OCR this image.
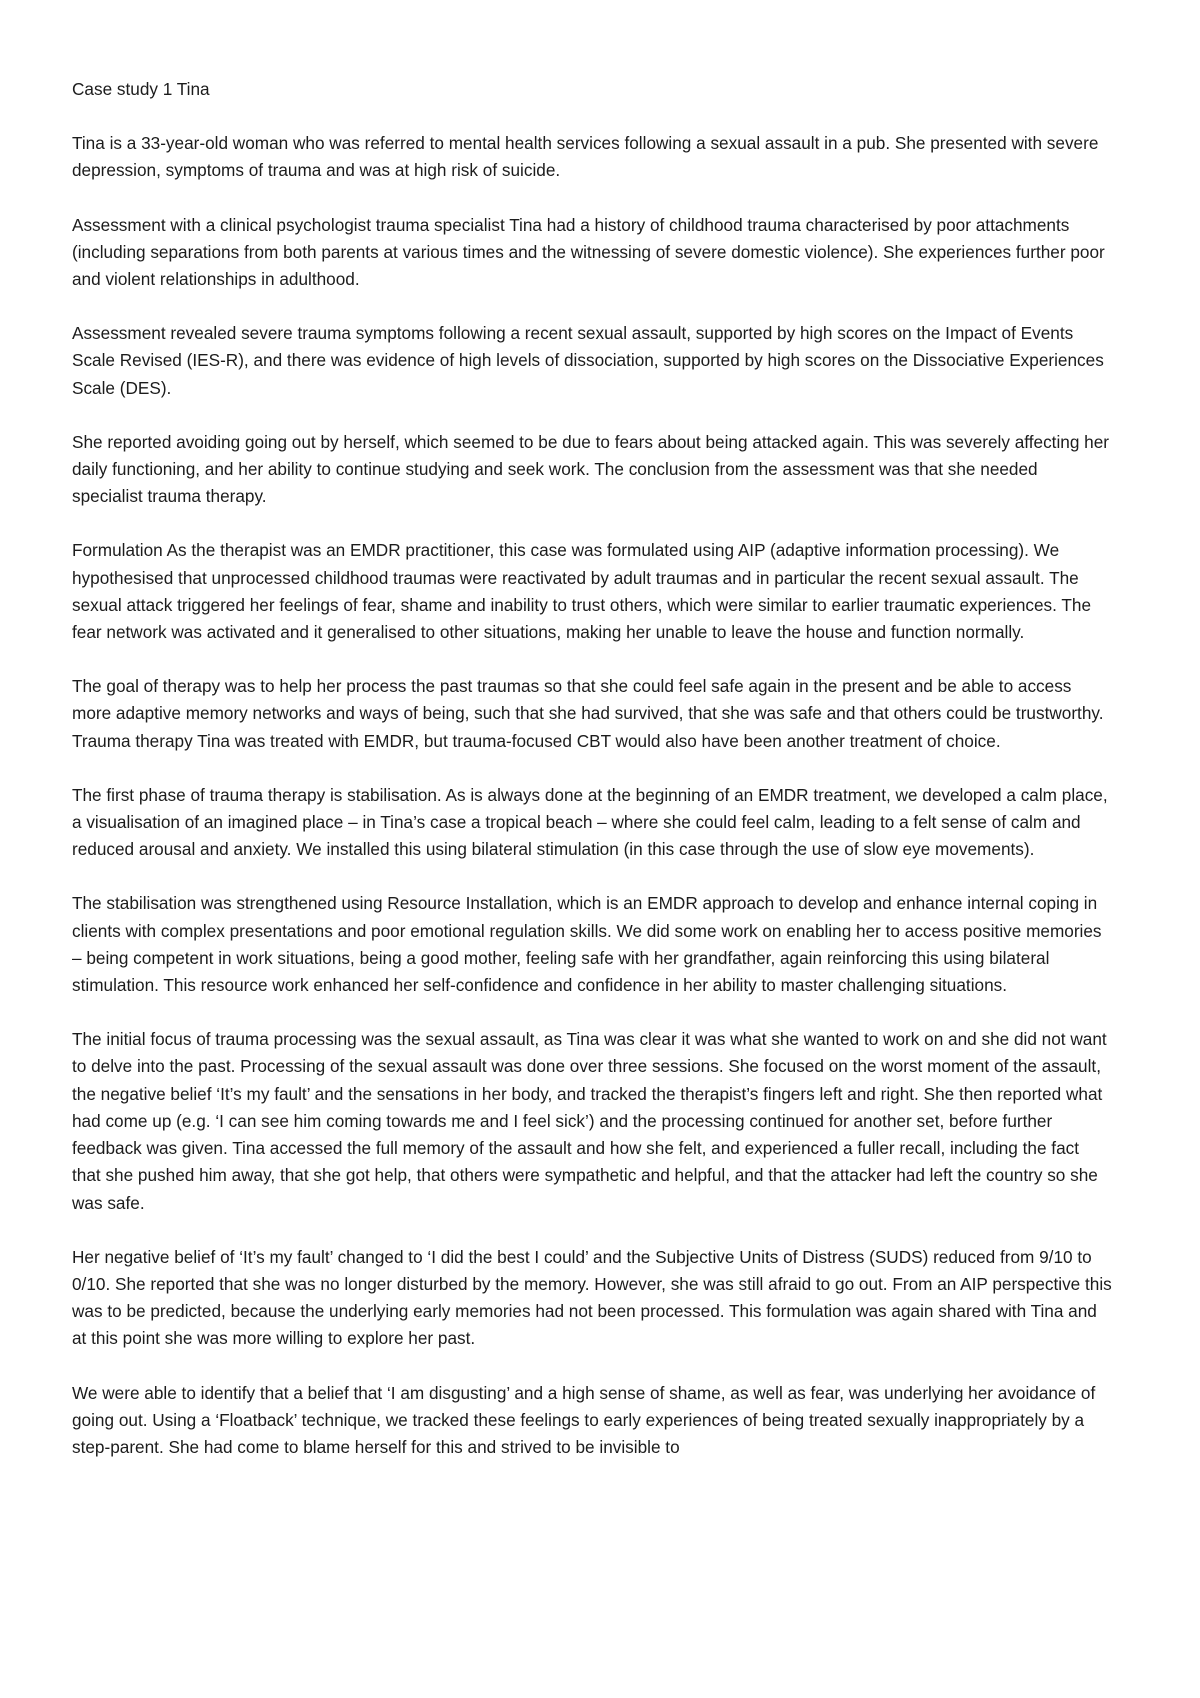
Case study 1 Tina

Tina is a 33-year-old woman who was referred to mental health services following a sexual assault in a pub. She presented with severe depression, symptoms of trauma and was at high risk of suicide.

Assessment with a clinical psychologist trauma specialist Tina had a history of childhood trauma characterised by poor attachments (including separations from both parents at various times and the witnessing of severe domestic violence). She experiences further poor and violent relationships in adulthood.

Assessment revealed severe trauma symptoms following a recent sexual assault, supported by high scores on the Impact of Events Scale Revised (IES-R), and there was evidence of high levels of dissociation, supported by high scores on the Dissociative Experiences Scale (DES).

She reported avoiding going out by herself, which seemed to be due to fears about being attacked again. This was severely affecting her daily functioning, and her ability to continue studying and seek work. The conclusion from the assessment was that she needed specialist trauma therapy.

Formulation As the therapist was an EMDR practitioner, this case was formulated using AIP (adaptive information processing). We hypothesised that unprocessed childhood traumas were reactivated by adult traumas and in particular the recent sexual assault. The sexual attack triggered her feelings of fear, shame and inability to trust others, which were similar to earlier traumatic experiences. The fear network was activated and it generalised to other situations, making her unable to leave the house and function normally.

The goal of therapy was to help her process the past traumas so that she could feel safe again in the present and be able to access more adaptive memory networks and ways of being, such that she had survived, that she was safe and that others could be trustworthy. Trauma therapy Tina was treated with EMDR, but trauma-focused CBT would also have been another treatment of choice.

The first phase of trauma therapy is stabilisation. As is always done at the beginning of an EMDR treatment, we developed a calm place, a visualisation of an imagined place – in Tina’s case a tropical beach – where she could feel calm, leading to a felt sense of calm and reduced arousal and anxiety. We installed this using bilateral stimulation (in this case through the use of slow eye movements).

The stabilisation was strengthened using Resource Installation, which is an EMDR approach to develop and enhance internal coping in clients with complex presentations and poor emotional regulation skills. We did some work on enabling her to access positive memories – being competent in work situations, being a good mother, feeling safe with her grandfather, again reinforcing this using bilateral stimulation. This resource work enhanced her self-confidence and confidence in her ability to master challenging situations.

The initial focus of trauma processing was the sexual assault, as Tina was clear it was what she wanted to work on and she did not want to delve into the past. Processing of the sexual assault was done over three sessions. She focused on the worst moment of the assault, the negative belief ‘It’s my fault’ and the sensations in her body, and tracked the therapist’s fingers left and right. She then reported what had come up (e.g. ‘I can see him coming towards me and I feel sick’) and the processing continued for another set, before further feedback was given. Tina accessed the full memory of the assault and how she felt, and experienced a fuller recall, including the fact that she pushed him away, that she got help, that others were sympathetic and helpful, and that the attacker had left the country so she was safe.

Her negative belief of ‘It’s my fault’ changed to ‘I did the best I could’ and the Subjective Units of Distress (SUDS) reduced from 9/10 to 0/10. She reported that she was no longer disturbed by the memory. However, she was still afraid to go out. From an AIP perspective this was to be predicted, because the underlying early memories had not been processed. This formulation was again shared with Tina and at this point she was more willing to explore her past.

We were able to identify that a belief that ‘I am disgusting’ and a high sense of shame, as well as fear, was underlying her avoidance of going out. Using a ‘Floatback’ technique, we tracked these feelings to early experiences of being treated sexually inappropriately by a step-parent. She had come to blame herself for this and strived to be invisible to
